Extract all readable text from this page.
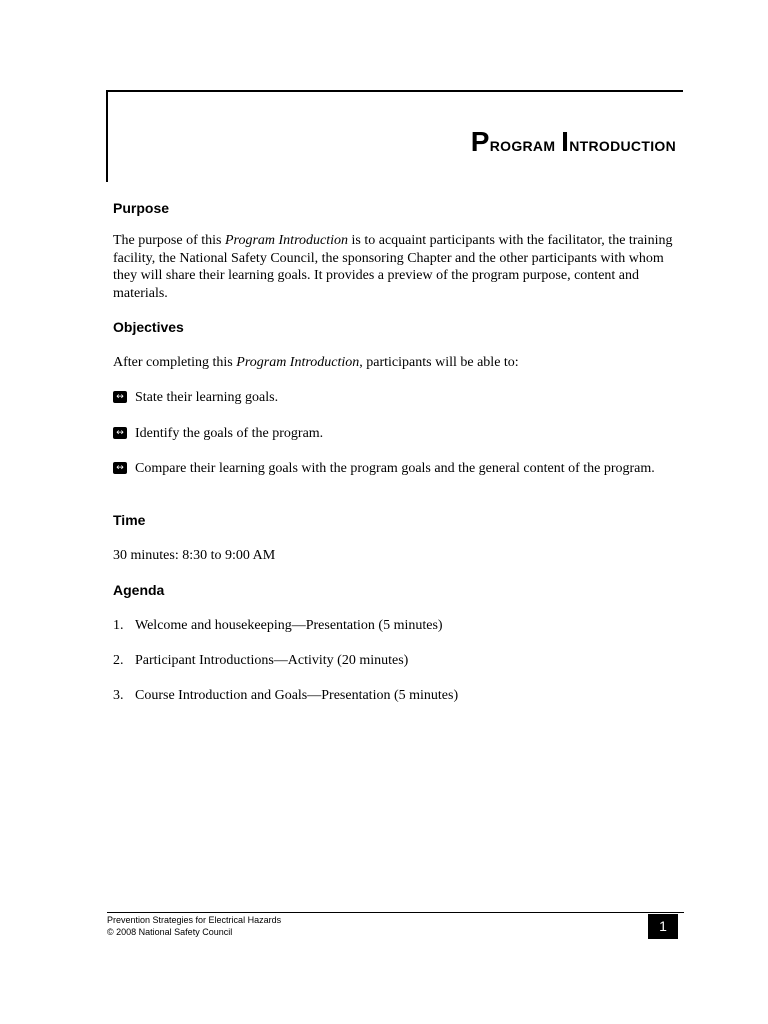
Program Introduction
Purpose
The purpose of this Program Introduction is to acquaint participants with the facilitator, the training facility, the National Safety Council, the sponsoring Chapter and the other participants with whom they will share their learning goals. It provides a preview of the program purpose, content and materials.
Objectives
After completing this Program Introduction, participants will be able to:
↔ State their learning goals.
↔ Identify the goals of the program.
↔ Compare their learning goals with the program goals and the general content of the program.
Time
30 minutes: 8:30 to 9:00 AM
Agenda
1. Welcome and housekeeping—Presentation (5 minutes)
2. Participant Introductions—Activity (20 minutes)
3. Course Introduction and Goals—Presentation (5 minutes)
Prevention Strategies for Electrical Hazards
© 2008 National Safety Council	1
